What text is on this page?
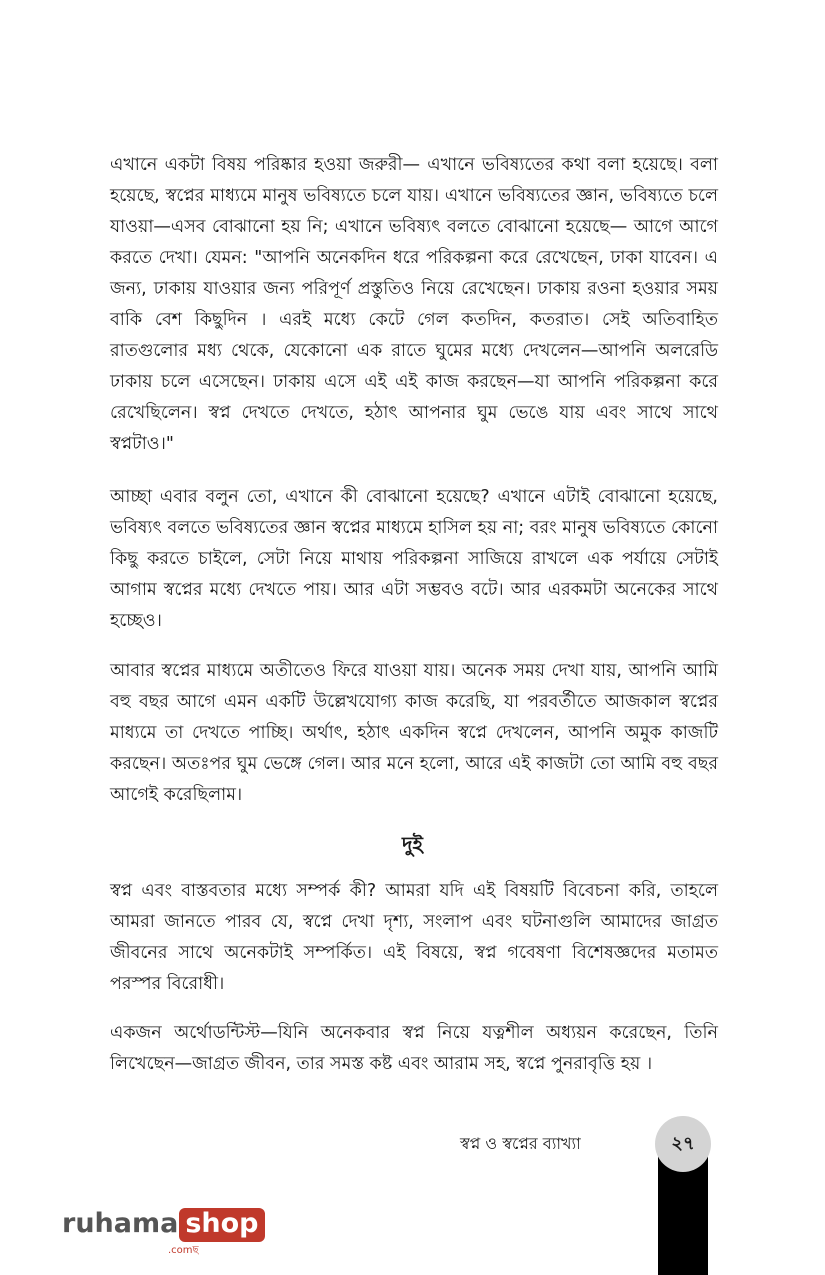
এখানে একটা বিষয় পরিষ্কার হওয়া জরুরী— এখানে ভবিষ্যতের কথা বলা হয়েছে। বলা হয়েছে, স্বপ্নের মাধ্যমে মানুষ ভবিষ্যতে চলে যায়। এখানে ভবিষ্যতের জ্ঞান, ভবিষ্যতে চলে যাওয়া—এসব বোঝানো হয় নি; এখানে ভবিষ্যৎ বলতে বোঝানো হয়েছে— আগে আগে করতে দেখা। যেমন: "আপনি অনেকদিন ধরে পরিকল্পনা করে রেখেছেন, ঢাকা যাবেন। এ জন্য, ঢাকায় যাওয়ার জন্য পরিপূর্ণ প্রস্তুতিও নিয়ে রেখেছেন। ঢাকায় রওনা হওয়ার সময় বাকি বেশ কিছুদিন । এরই মধ্যে কেটে গেল কতদিন, কতরাত। সেই অতিবাহিত রাতগুলোর মধ্য থেকে, যেকোনো এক রাতে ঘুমের মধ্যে দেখলেন—আপনি অলরেডি ঢাকায় চলে এসেছেন। ঢাকায় এসে এই এই কাজ করছেন—যা আপনি পরিকল্পনা করে রেখেছিলেন। স্বপ্ন দেখতে দেখতে, হঠাৎ আপনার ঘুম ভেঙে যায় এবং সাথে সাথে স্বপ্নটাও।"
আচ্ছা এবার বলুন তো, এখানে কী বোঝানো হয়েছে? এখানে এটাই বোঝানো হয়েছে, ভবিষ্যৎ বলতে ভবিষ্যতের জ্ঞান স্বপ্নের মাধ্যমে হাসিল হয় না; বরং মানুষ ভবিষ্যতে কোনো কিছু করতে চাইলে, সেটা নিয়ে মাথায় পরিকল্পনা সাজিয়ে রাখলে এক পর্যায়ে সেটাই আগাম স্বপ্নের মধ্যে দেখতে পায়। আর এটা সম্ভবও বটে। আর এরকমটা অনেকের সাথে হচ্ছেও।
আবার স্বপ্নের মাধ্যমে অতীতেও ফিরে যাওয়া যায়। অনেক সময় দেখা যায়, আপনি আমি বহু বছর আগে এমন একটি উল্লেখযোগ্য কাজ করেছি, যা পরবর্তীতে আজকাল স্বপ্নের মাধ্যমে তা দেখতে পাচ্ছি। অর্থাৎ, হঠাৎ একদিন স্বপ্নে দেখলেন, আপনি অমুক কাজটি করছেন। অতঃপর ঘুম ভেঙ্গে গেল। আর মনে হলো, আরে এই কাজটা তো আমি বহু বছর আগেই করেছিলাম।
দুই
স্বপ্ন এবং বাস্তবতার মধ্যে সম্পর্ক কী? আমরা যদি এই বিষয়টি বিবেচনা করি, তাহলে আমরা জানতে পারব যে, স্বপ্নে দেখা দৃশ্য, সংলাপ এবং ঘটনাগুলি আমাদের জাগ্রত জীবনের সাথে অনেকটাই সম্পর্কিত। এই বিষয়ে, স্বপ্ন গবেষণা বিশেষজ্ঞদের মতামত পরস্পর বিরোধী।
একজন অর্থোডন্টিস্ট—যিনি অনেকবার স্বপ্ন নিয়ে যত্নশীল অধ্যয়ন করেছেন, তিনি লিখেছেন—জাগ্রত জীবন, তার সমস্ত কষ্ট এবং আরাম সহ, স্বপ্নে পুনরাবৃত্তি হয় ।
স্বপ্ন ও স্বপ্নের ব্যাখ্যা	২৭
ruhama shop
.comছ
